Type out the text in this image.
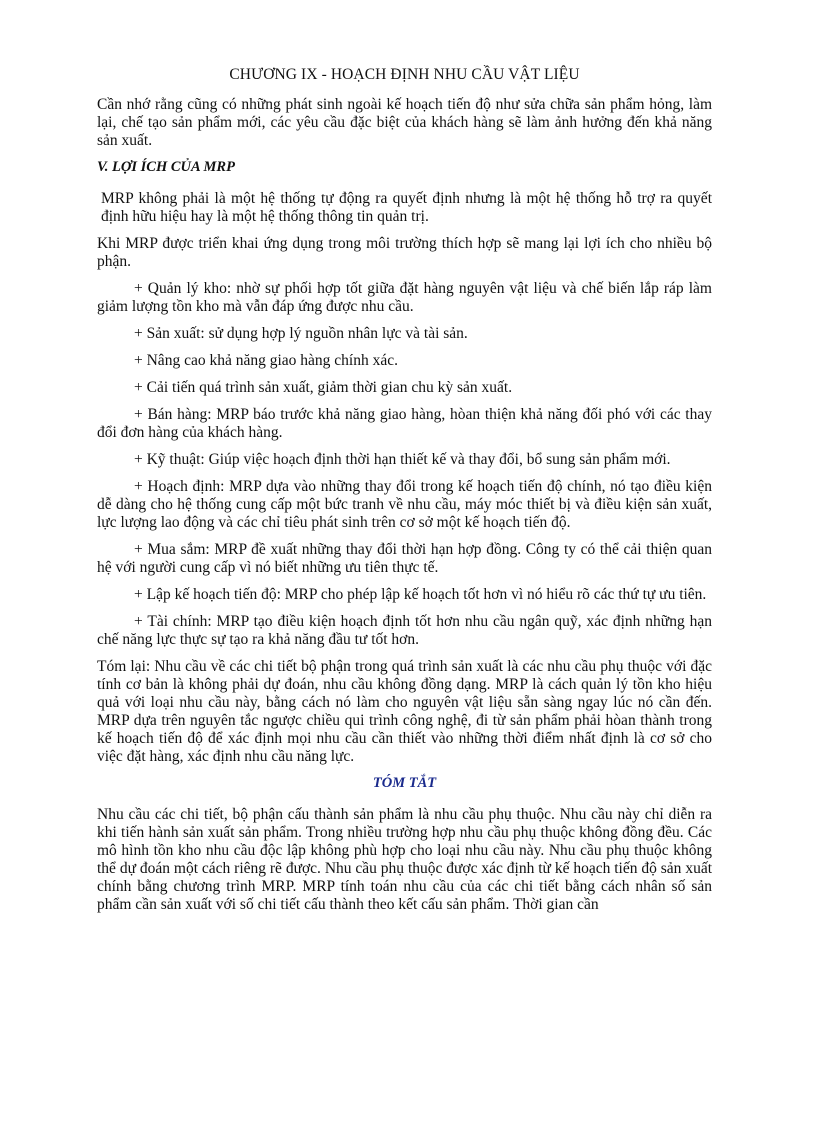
CHƯƠNG IX - HOẠCH ĐỊNH NHU CẦU VẬT LIỆU
Cần nhớ rằng cũng có những phát sinh ngoài kế hoạch tiến độ như sửa chữa sản phẩm hỏng, làm lại, chế tạo sản phẩm mới, các yêu cầu đặc biệt của khách hàng sẽ làm ảnh hưởng đến khả năng sản xuất.
V. LỢI ÍCH CỦA MRP
MRP không phải là một hệ thống tự động ra quyết định nhưng là một hệ thống hỗ trợ ra quyết định hữu hiệu hay là một hệ thống thông tin quản trị.
Khi MRP được triển khai ứng dụng trong môi trường thích hợp sẽ mang lại lợi ích cho nhiều bộ phận.
+ Quản lý kho: nhờ sự phối hợp tốt giữa đặt hàng nguyên vật liệu và chế biến lắp ráp làm giảm lượng tồn kho mà vẫn đáp ứng được nhu cầu.
+ Sản xuất: sử dụng hợp lý nguồn nhân lực và tài sản.
+ Nâng cao khả năng giao hàng chính xác.
+ Cải tiến quá trình sản xuất, giảm thời gian chu kỳ sản xuất.
+ Bán hàng: MRP báo trước khả năng giao hàng, hòan thiện khả năng đối phó với các thay đổi đơn hàng của khách hàng.
+ Kỹ thuật: Giúp việc hoạch định thời hạn thiết kế và thay đổi, bổ sung sản phẩm mới.
+ Hoạch định: MRP dựa vào những thay đổi trong kế hoạch tiến độ chính, nó tạo điều kiện dễ dàng cho hệ thống cung cấp một bức tranh về nhu cầu, máy móc thiết bị và điều kiện sản xuất, lực lượng lao động và các chỉ tiêu phát sinh trên cơ sở một kế hoạch tiến độ.
+ Mua sắm: MRP đề xuất những thay đổi thời hạn hợp đồng. Công ty có thể cải thiện quan hệ với người cung cấp vì nó biết những ưu tiên thực tế.
+ Lập kế hoạch tiến độ: MRP cho phép lập kế hoạch tốt hơn vì nó hiểu rõ các thứ tự ưu tiên.
+ Tài chính: MRP tạo điều kiện hoạch định tốt hơn nhu cầu ngân quỹ, xác định những hạn chế năng lực thực sự tạo ra khả năng đầu tư tốt hơn.
Tóm lại: Nhu cầu về các chi tiết bộ phận trong quá trình sản xuất là các nhu cầu phụ thuộc với đặc tính cơ bản là không phải dự đoán, nhu cầu không đồng dạng. MRP là cách quản lý tồn kho hiệu quả với loại nhu cầu này, bằng cách nó làm cho nguyên vật liệu sẵn sàng ngay lúc nó cần đến. MRP dựa trên nguyên tắc ngược chiều qui trình công nghệ, đi từ sản phẩm phải hòan thành trong kế hoạch tiến độ để xác định mọi nhu cầu cần thiết vào những thời điểm nhất định là cơ sở cho việc đặt hàng, xác định nhu cầu năng lực.
TÓM TẮT
Nhu cầu các chi tiết, bộ phận cấu thành sản phẩm là nhu cầu phụ thuộc. Nhu cầu này chỉ diễn ra khi tiến hành sản xuất sản phẩm. Trong nhiều trường hợp nhu cầu phụ thuộc không đồng đều. Các mô hình tồn kho nhu cầu độc lập không phù hợp cho loại nhu cầu này. Nhu cầu phụ thuộc không thể dự đoán một cách riêng rẽ được. Nhu cầu phụ thuộc được xác định từ kế hoạch tiến độ sản xuất chính bằng chương trình MRP. MRP tính toán nhu cầu của các chi tiết bằng cách nhân số sản phẩm cần sản xuất với số chi tiết cấu thành theo kết cấu sản phẩm. Thời gian cần
